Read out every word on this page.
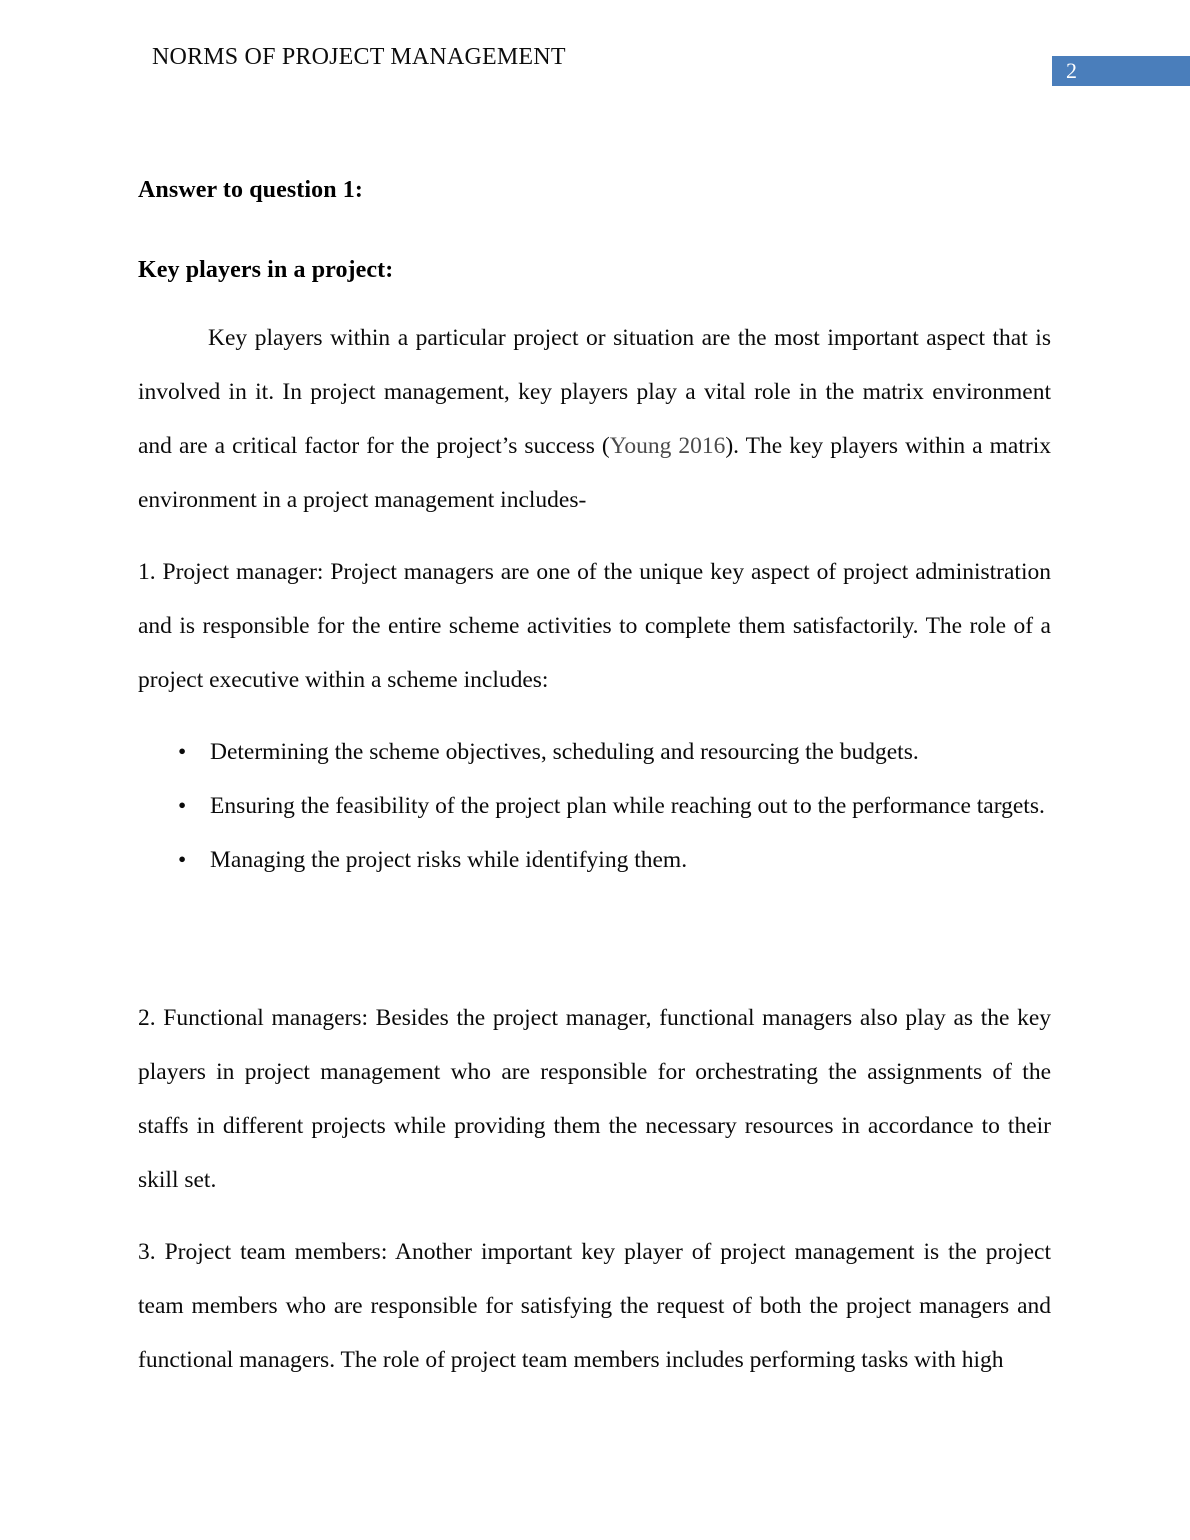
NORMS OF PROJECT MANAGEMENT
2
Answer to question 1:
Key players in a project:

Key players within a particular project or situation are the most important aspect that is involved in it. In project management, key players play a vital role in the matrix environment and are a critical factor for the project’s success (Young 2016). The key players within a matrix environment in a project management includes-

1. Project manager: Project managers are one of the unique key aspect of project administration and is responsible for the entire scheme activities to complete them satisfactorily. The role of a project executive within a scheme includes:

• Determining the scheme objectives, scheduling and resourcing the budgets.
• Ensuring the feasibility of the project plan while reaching out to the performance targets.
• Managing the project risks while identifying them.

2. Functional managers: Besides the project manager, functional managers also play as the key players in project management who are responsible for orchestrating the assignments of the staffs in different projects while providing them the necessary resources in accordance to their skill set.

3. Project team members: Another important key player of project management is the project team members who are responsible for satisfying the request of both the project managers and functional managers. The role of project team members includes performing tasks with high
